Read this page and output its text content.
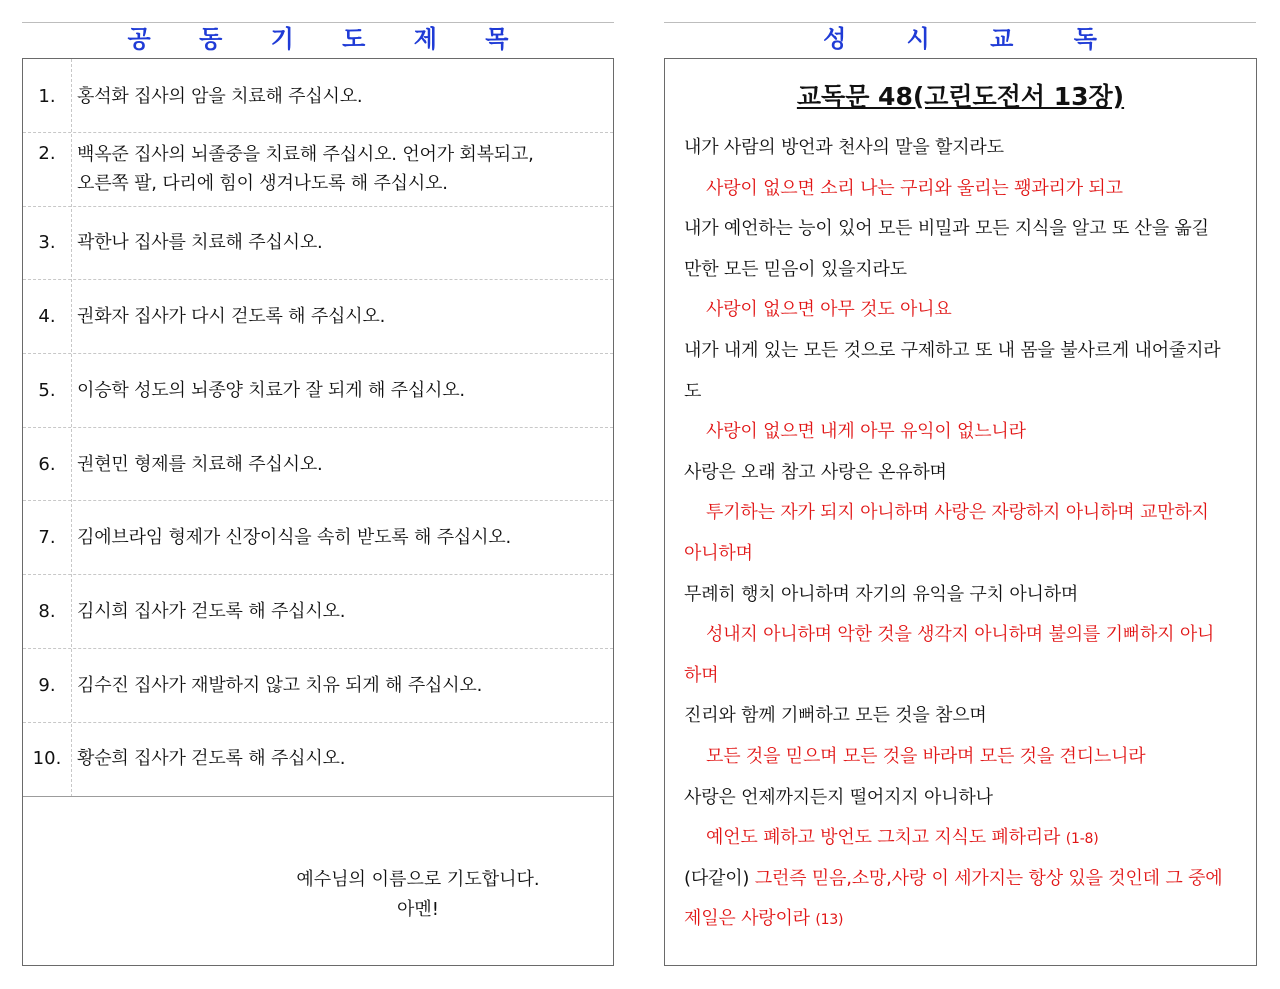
공 동 기 도 제 목
1.	홍석화 집사의 암을 치료해 주십시오.
2.	백옥준 집사의 뇌졸중을 치료해 주십시오. 언어가 회복되고,
오른쪽 팔, 다리에 힘이 생겨나도록 해 주십시오.
3.	곽한나 집사를 치료해 주십시오.
4.	권화자 집사가 다시 걷도록 해 주십시오.
5.	이승학 성도의 뇌종양 치료가 잘 되게 해 주십시오.
6.	권현민 형제를 치료해 주십시오.
7.	김에브라임 형제가 신장이식을 속히 받도록 해 주십시오.
8.	김시희 집사가 걷도록 해 주십시오.
9.	김수진 집사가 재발하지 않고 치유 되게 해 주십시오.
10. 황순희 집사가 걷도록 해 주십시오.
예수님의 이름으로 기도합니다.
아멘!
성	시	교	독
교독문 48(고린도전서 13장)
내가 사람의 방언과 천사의 말을 할지라도
사랑이 없으면 소리 나는 구리와 울리는 꽹과리가 되고
내가 예언하는 능이 있어 모든 비밀과 모든 지식을 알고 또 산을 옮길
만한 모든 믿음이 있을지라도
사랑이 없으면 아무 것도 아니요
내가 내게 있는 모든 것으로 구제하고 또 내 몸을 불사르게 내어줄지라
도
사랑이 없으면 내게 아무 유익이 없느니라
사랑은 오래 참고 사랑은 온유하며
투기하는 자가 되지 아니하며 사랑은 자랑하지 아니하며 교만하지
아니하며
무례히 행치 아니하며 자기의 유익을 구치 아니하며
성내지 아니하며 악한 것을 생각지 아니하며 불의를 기뻐하지 아니
하며
진리와 함께 기뻐하고 모든 것을 참으며
모든 것을 믿으며 모든 것을 바라며 모든 것을 견디느니라
사랑은 언제까지든지 떨어지지 아니하나
예언도 폐하고 방언도 그치고 지식도 폐하리라 (1-8)
(다같이) 그런즉 믿음,소망,사랑 이 세가지는 항상 있을 것인데 그 중에
제일은 사랑이라 (13)
